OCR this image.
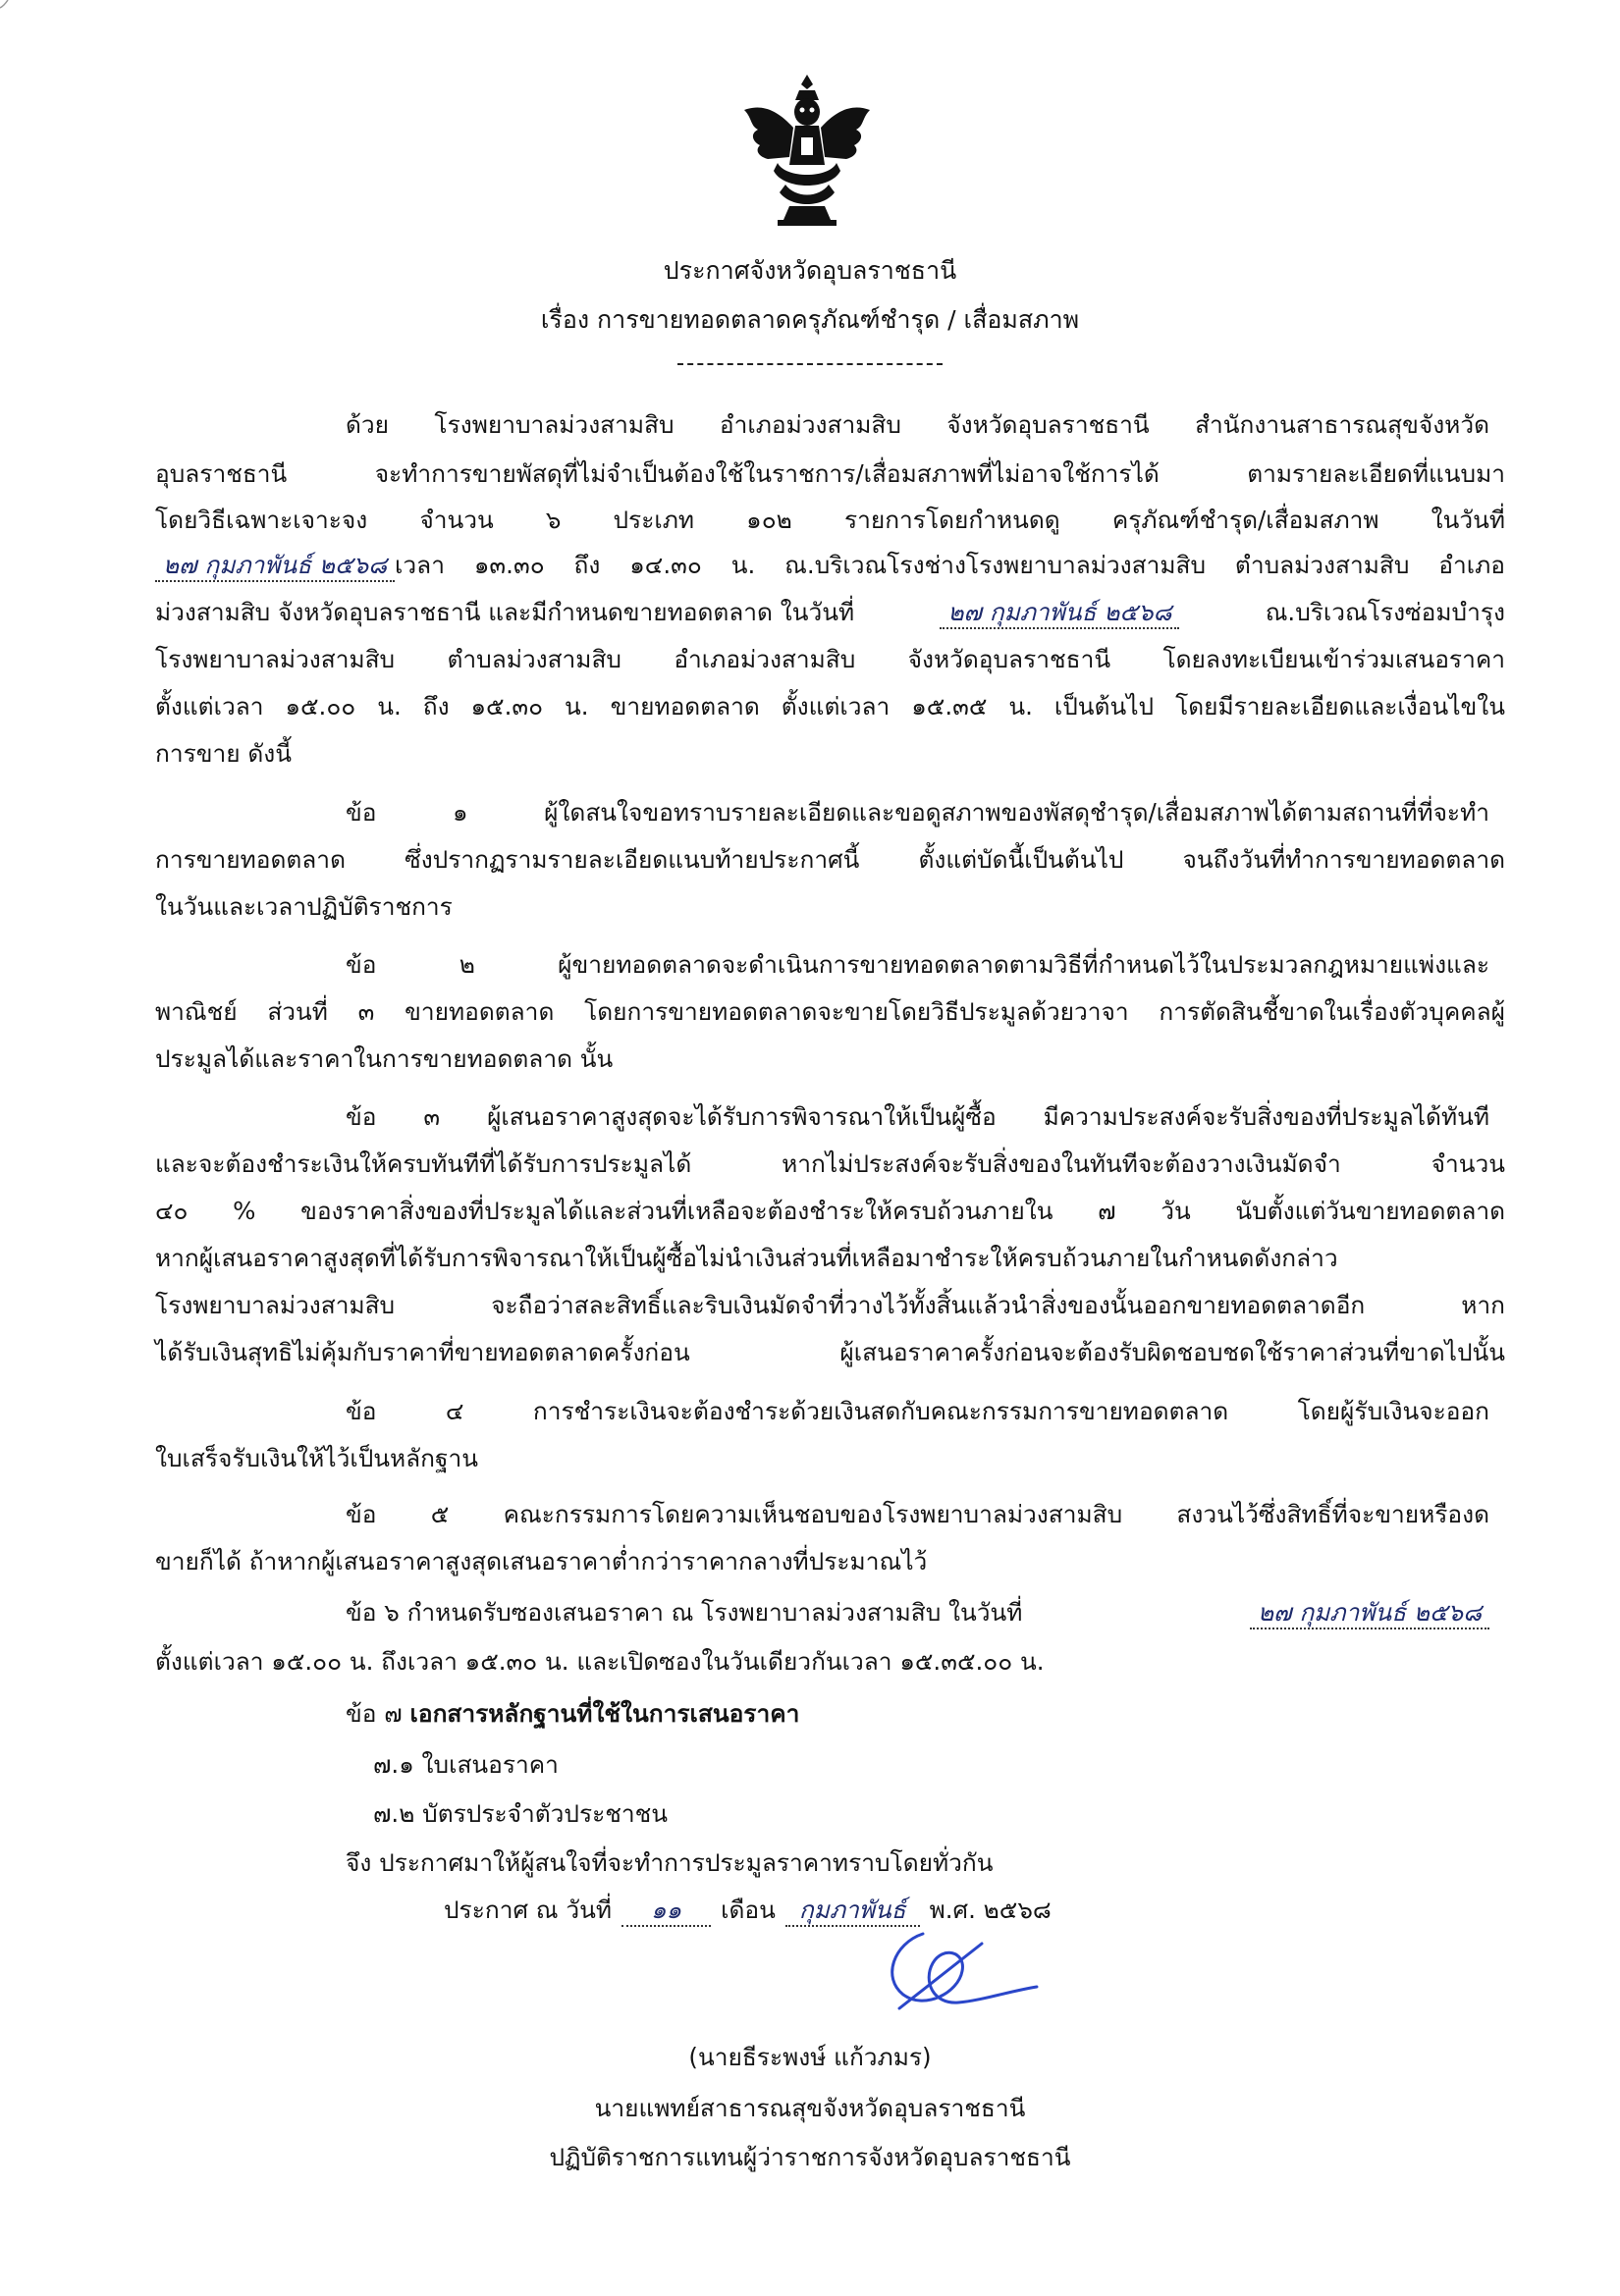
ประกาศจังหวัดอุบลราชธานี
เรื่อง การขายทอดตลาดครุภัณฑ์ชำรุด / เสื่อมสภาพ
ด้วย โรงพยาบาลม่วงสามสิบ อำเภอม่วงสามสิบ จังหวัดอุบลราชธานี สำนักงานสาธารณสุขจังหวัด
อุบลราชธานี จะทำการขายพัสดุที่ไม่จำเป็นต้องใช้ในราชการ/เสื่อมสภาพที่ไม่อาจใช้การได้ ตามรายละเอียดที่แนบมา
โดยวิธีเฉพาะเจาะจง จำนวน ๖ ประเภท ๑๐๒ รายการโดยกำหนดดู ครุภัณฑ์ชำรุด/เสื่อมสภาพ ในวันที่
๒๗ กุมภาพันธ์ ๒๕๖๘ เวลา ๑๓.๓๐ ถึง ๑๔.๓๐ น. ณ.บริเวณโรงช่างโรงพยาบาลม่วงสามสิบ ตำบลม่วงสามสิบ อำเภอ
ม่วงสามสิบ จังหวัดอุบลราชธานี และมีกำหนดขายทอดตลาด ในวันที่	๒๗ กุมภาพันธ์ ๒๕๖๘	ณ.บริเวณโรงซ่อมบำรุง
โรงพยาบาลม่วงสามสิบ ตำบลม่วงสามสิบ อำเภอม่วงสามสิบ จังหวัดอุบลราชธานี โดยลงทะเบียนเข้าร่วมเสนอราคา
ตั้งแต่เวลา ๑๕.๐๐ น. ถึง ๑๕.๓๐ น. ขายทอดตลาด ตั้งแต่เวลา ๑๕.๓๕ น. เป็นต้นไป โดยมีรายละเอียดและเงื่อนไขใน
การขาย ดังนี้
ข้อ ๑ ผู้ใดสนใจขอทราบรายละเอียดและขอดูสภาพของพัสดุชำรุด/เสื่อมสภาพได้ตามสถานที่ที่จะทำ
การขายทอดตลาด ซึ่งปรากฏรามรายละเอียดแนบท้ายประกาศนี้ ตั้งแต่บัดนี้เป็นต้นไป จนถึงวันที่ทำการขายทอดตลาด
ในวันและเวลาปฏิบัติราชการ
ข้อ ๒ ผู้ขายทอดตลาดจะดำเนินการขายทอดตลาดตามวิธีที่กำหนดไว้ในประมวลกฎหมายแพ่งและ
พาณิชย์ ส่วนที่ ๓ ขายทอดตลาด โดยการขายทอดตลาดจะขายโดยวิธีประมูลด้วยวาจา การตัดสินชี้ขาดในเรื่องตัวบุคคลผู้
ประมูลได้และราคาในการขายทอดตลาด นั้น
ข้อ ๓ ผู้เสนอราคาสูงสุดจะได้รับการพิจารณาให้เป็นผู้ซื้อ มีความประสงค์จะรับสิ่งของที่ประมูลได้ทันที
และจะต้องชำระเงินให้ครบทันทีที่ได้รับการประมูลได้ หากไม่ประสงค์จะรับสิ่งของในทันทีจะต้องวางเงินมัดจำ จำนวน
๔๐ % ของราคาสิ่งของที่ประมูลได้และส่วนที่เหลือจะต้องชำระให้ครบถ้วนภายใน ๗ วัน นับตั้งแต่วันขายทอดตลาด
หากผู้เสนอราคาสูงสุดที่ได้รับการพิจารณาให้เป็นผู้ซื้อไม่นำเงินส่วนที่เหลือมาชำระให้ครบถ้วนภายในกำหนดดังกล่าว
โรงพยาบาลม่วงสามสิบ จะถือว่าสละสิทธิ์และริบเงินมัดจำที่วางไว้ทั้งสิ้นแล้วนำสิ่งของนั้นออกขายทอดตลาดอีก หาก
ได้รับเงินสุทธิไม่คุ้มกับราคาที่ขายทอดตลาดครั้งก่อน ผู้เสนอราคาครั้งก่อนจะต้องรับผิดชอบชดใช้ราคาส่วนที่ขาดไปนั้น
ข้อ ๔ การชำระเงินจะต้องชำระด้วยเงินสดกับคณะกรรมการขายทอดตลาด โดยผู้รับเงินจะออก
ใบเสร็จรับเงินให้ไว้เป็นหลักฐาน
ข้อ ๕ คณะกรรมการโดยความเห็นชอบของโรงพยาบาลม่วงสามสิบ สงวนไว้ซึ่งสิทธิ์ที่จะขายหรืองด
ขายก็ได้ ถ้าหากผู้เสนอราคาสูงสุดเสนอราคาต่ำกว่าราคากลางที่ประมาณไว้
ข้อ ๖ กำหนดรับซองเสนอราคา ณ โรงพยาบาลม่วงสามสิบ ในวันที่	๒๗ กุมภาพันธ์ ๒๕๖๘
ตั้งแต่เวลา ๑๕.๐๐ น. ถึงเวลา ๑๕.๓๐ น. และเปิดซองในวันเดียวกันเวลา ๑๕.๓๕.๐๐ น.
ข้อ ๗ เอกสารหลักฐานที่ใช้ในการเสนอราคา
๗.๑ ใบเสนอราคา
๗.๒ บัตรประจำตัวประชาชน
จึง ประกาศมาให้ผู้สนใจที่จะทำการประมูลราคาทราบโดยทั่วกัน
ประกาศ ณ วันที่	๑๑	เดือน กุมภาพันธ์ พ.ศ. ๒๕๖๘
(นายธีระพงษ์ แก้วภมร)
นายแพทย์สาธารณสุขจังหวัดอุบลราชธานี
ปฏิบัติราชการแทนผู้ว่าราชการจังหวัดอุบลราชธานี
